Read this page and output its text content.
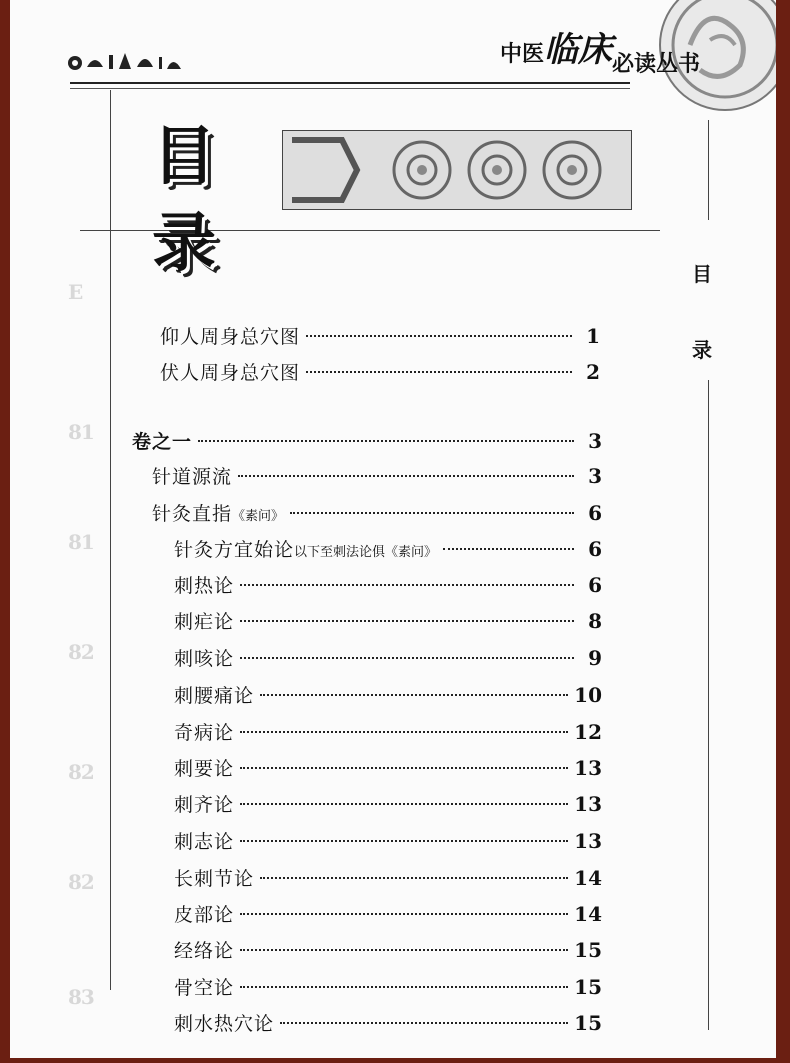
E
81
81
82
82
82
83
中医临床必读丛书
目
录	目
录
仰人周身总穴图	1
伏人周身总穴图	2
卷之一	3
针道源流	3
针灸直指《素问》	6
针灸方宜始论以下至刺法论俱《素问》	6
刺热论	6
刺疟论	8
刺咳论	9
刺腰痛论	10
奇病论	12
刺要论	13
刺齐论	13
刺志论	13
长刺节论	14
皮部论	14
经络论	15
骨空论	15
刺水热穴论	15
